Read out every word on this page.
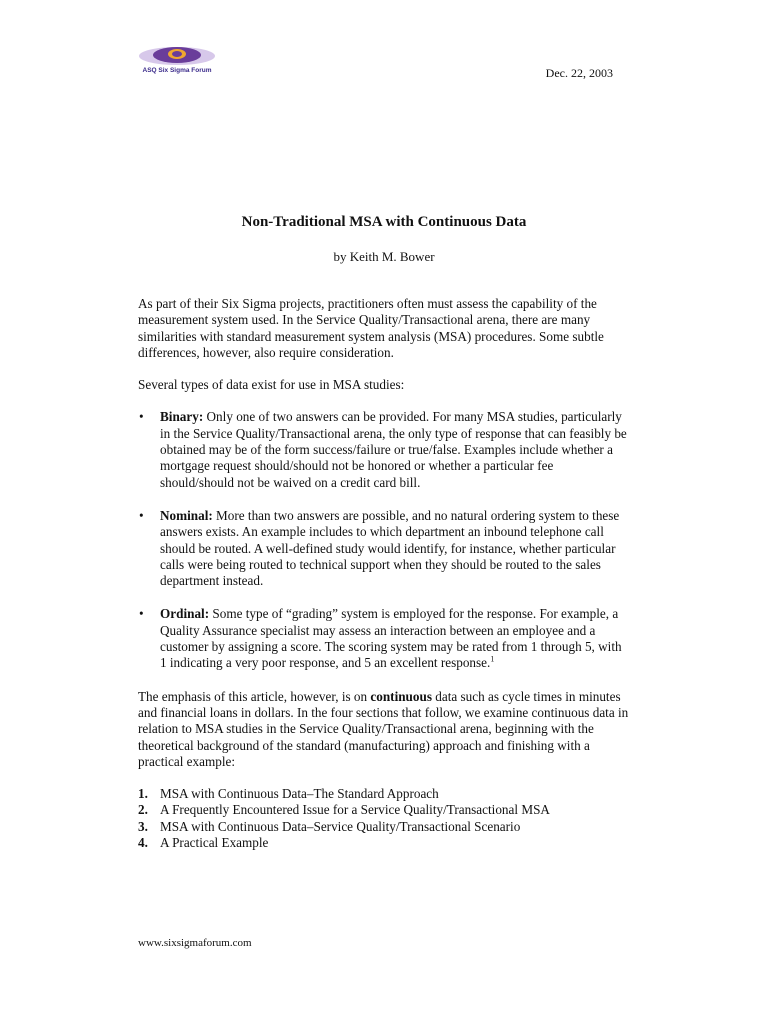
ASQ Six Sigma Forum	Dec. 22, 2003
Non-Traditional MSA with Continuous Data
by Keith M. Bower

As part of their Six Sigma projects, practitioners often must assess the capability of the measurement system used. In the Service Quality/Transactional arena, there are many similarities with standard measurement system analysis (MSA) procedures. Some subtle differences, however, also require consideration.

Several types of data exist for use in MSA studies:

• Binary: Only one of two answers can be provided. For many MSA studies, particularly in the Service Quality/Transactional arena, the only type of response that can feasibly be obtained may be of the form success/failure or true/false. Examples include whether a mortgage request should/should not be honored or whether a particular fee should/should not be waived on a credit card bill.
• Nominal: More than two answers are possible, and no natural ordering system to these answers exists. An example includes to which department an inbound telephone call should be routed. A well-defined study would identify, for instance, whether particular calls were being routed to technical support when they should be routed to the sales department instead.
• Ordinal: Some type of “grading” system is employed for the response. For example, a Quality Assurance specialist may assess an interaction between an employee and a customer by assigning a score. The scoring system may be rated from 1 through 5, with 1 indicating a very poor response, and 5 an excellent response.$^1$

The emphasis of this article, however, is on continuous data such as cycle times in minutes and financial loans in dollars. In the four sections that follow, we examine continuous data in relation to MSA studies in the Service Quality/Transactional arena, beginning with the theoretical background of the standard (manufacturing) approach and finishing with a practical example:

1. MSA with Continuous Data–The Standard Approach
2. A Frequently Encountered Issue for a Service Quality/Transactional MSA
3. MSA with Continuous Data–Service Quality/Transactional Scenario
4. A Practical Example
www.sixsigmaforum.com
